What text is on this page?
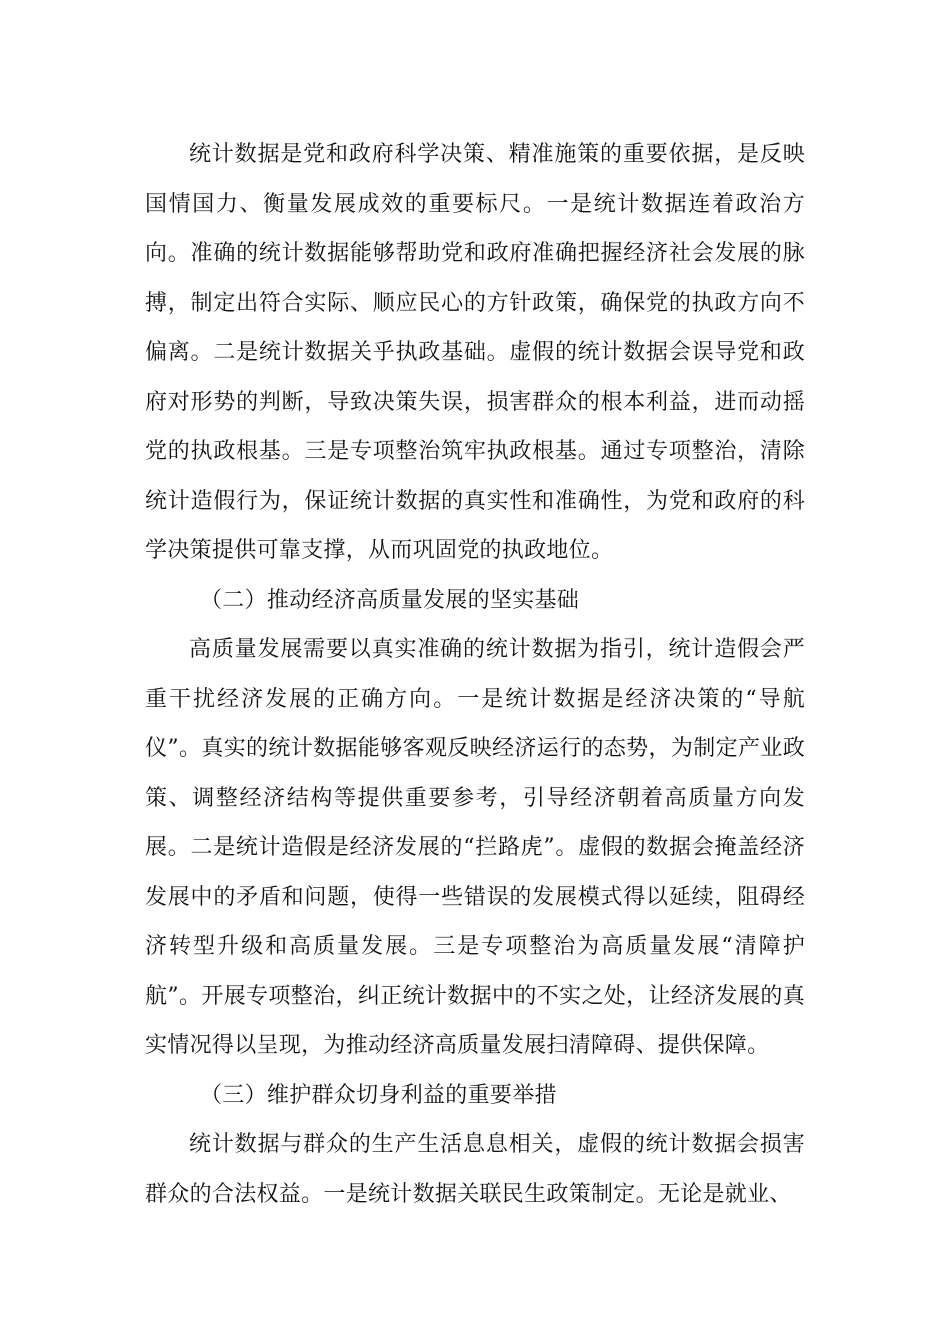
统计数据是党和政府科学决策、精准施策的重要依据，是反映国情国力、衡量发展成效的重要标尺。一是统计数据连着政治方向。准确的统计数据能够帮助党和政府准确把握经济社会发展的脉搏，制定出符合实际、顺应民心的方针政策，确保党的执政方向不偏离。二是统计数据关乎执政基础。虚假的统计数据会误导党和政府对形势的判断，导致决策失误，损害群众的根本利益，进而动摇党的执政根基。三是专项整治筑牢执政根基。通过专项整治，清除统计造假行为，保证统计数据的真实性和准确性，为党和政府的科学决策提供可靠支撑，从而巩固党的执政地位。

（二）推动经济高质量发展的坚实基础

高质量发展需要以真实准确的统计数据为指引，统计造假会严重干扰经济发展的正确方向。一是统计数据是经济决策的“导航仪”。真实的统计数据能够客观反映经济运行的态势，为制定产业政策、调整经济结构等提供重要参考，引导经济朝着高质量方向发展。二是统计造假是经济发展的“拦路虎”。虚假的数据会掩盖经济发展中的矛盾和问题，使得一些错误的发展模式得以延续，阻碍经济转型升级和高质量发展。三是专项整治为高质量发展“清障护航”。开展专项整治，纠正统计数据中的不实之处，让经济发展的真实情况得以呈现，为推动经济高质量发展扫清障碍、提供保障。

（三）维护群众切身利益的重要举措

统计数据与群众的生产生活息息相关，虚假的统计数据会损害群众的合法权益。一是统计数据关联民生政策制定。无论是就业、
